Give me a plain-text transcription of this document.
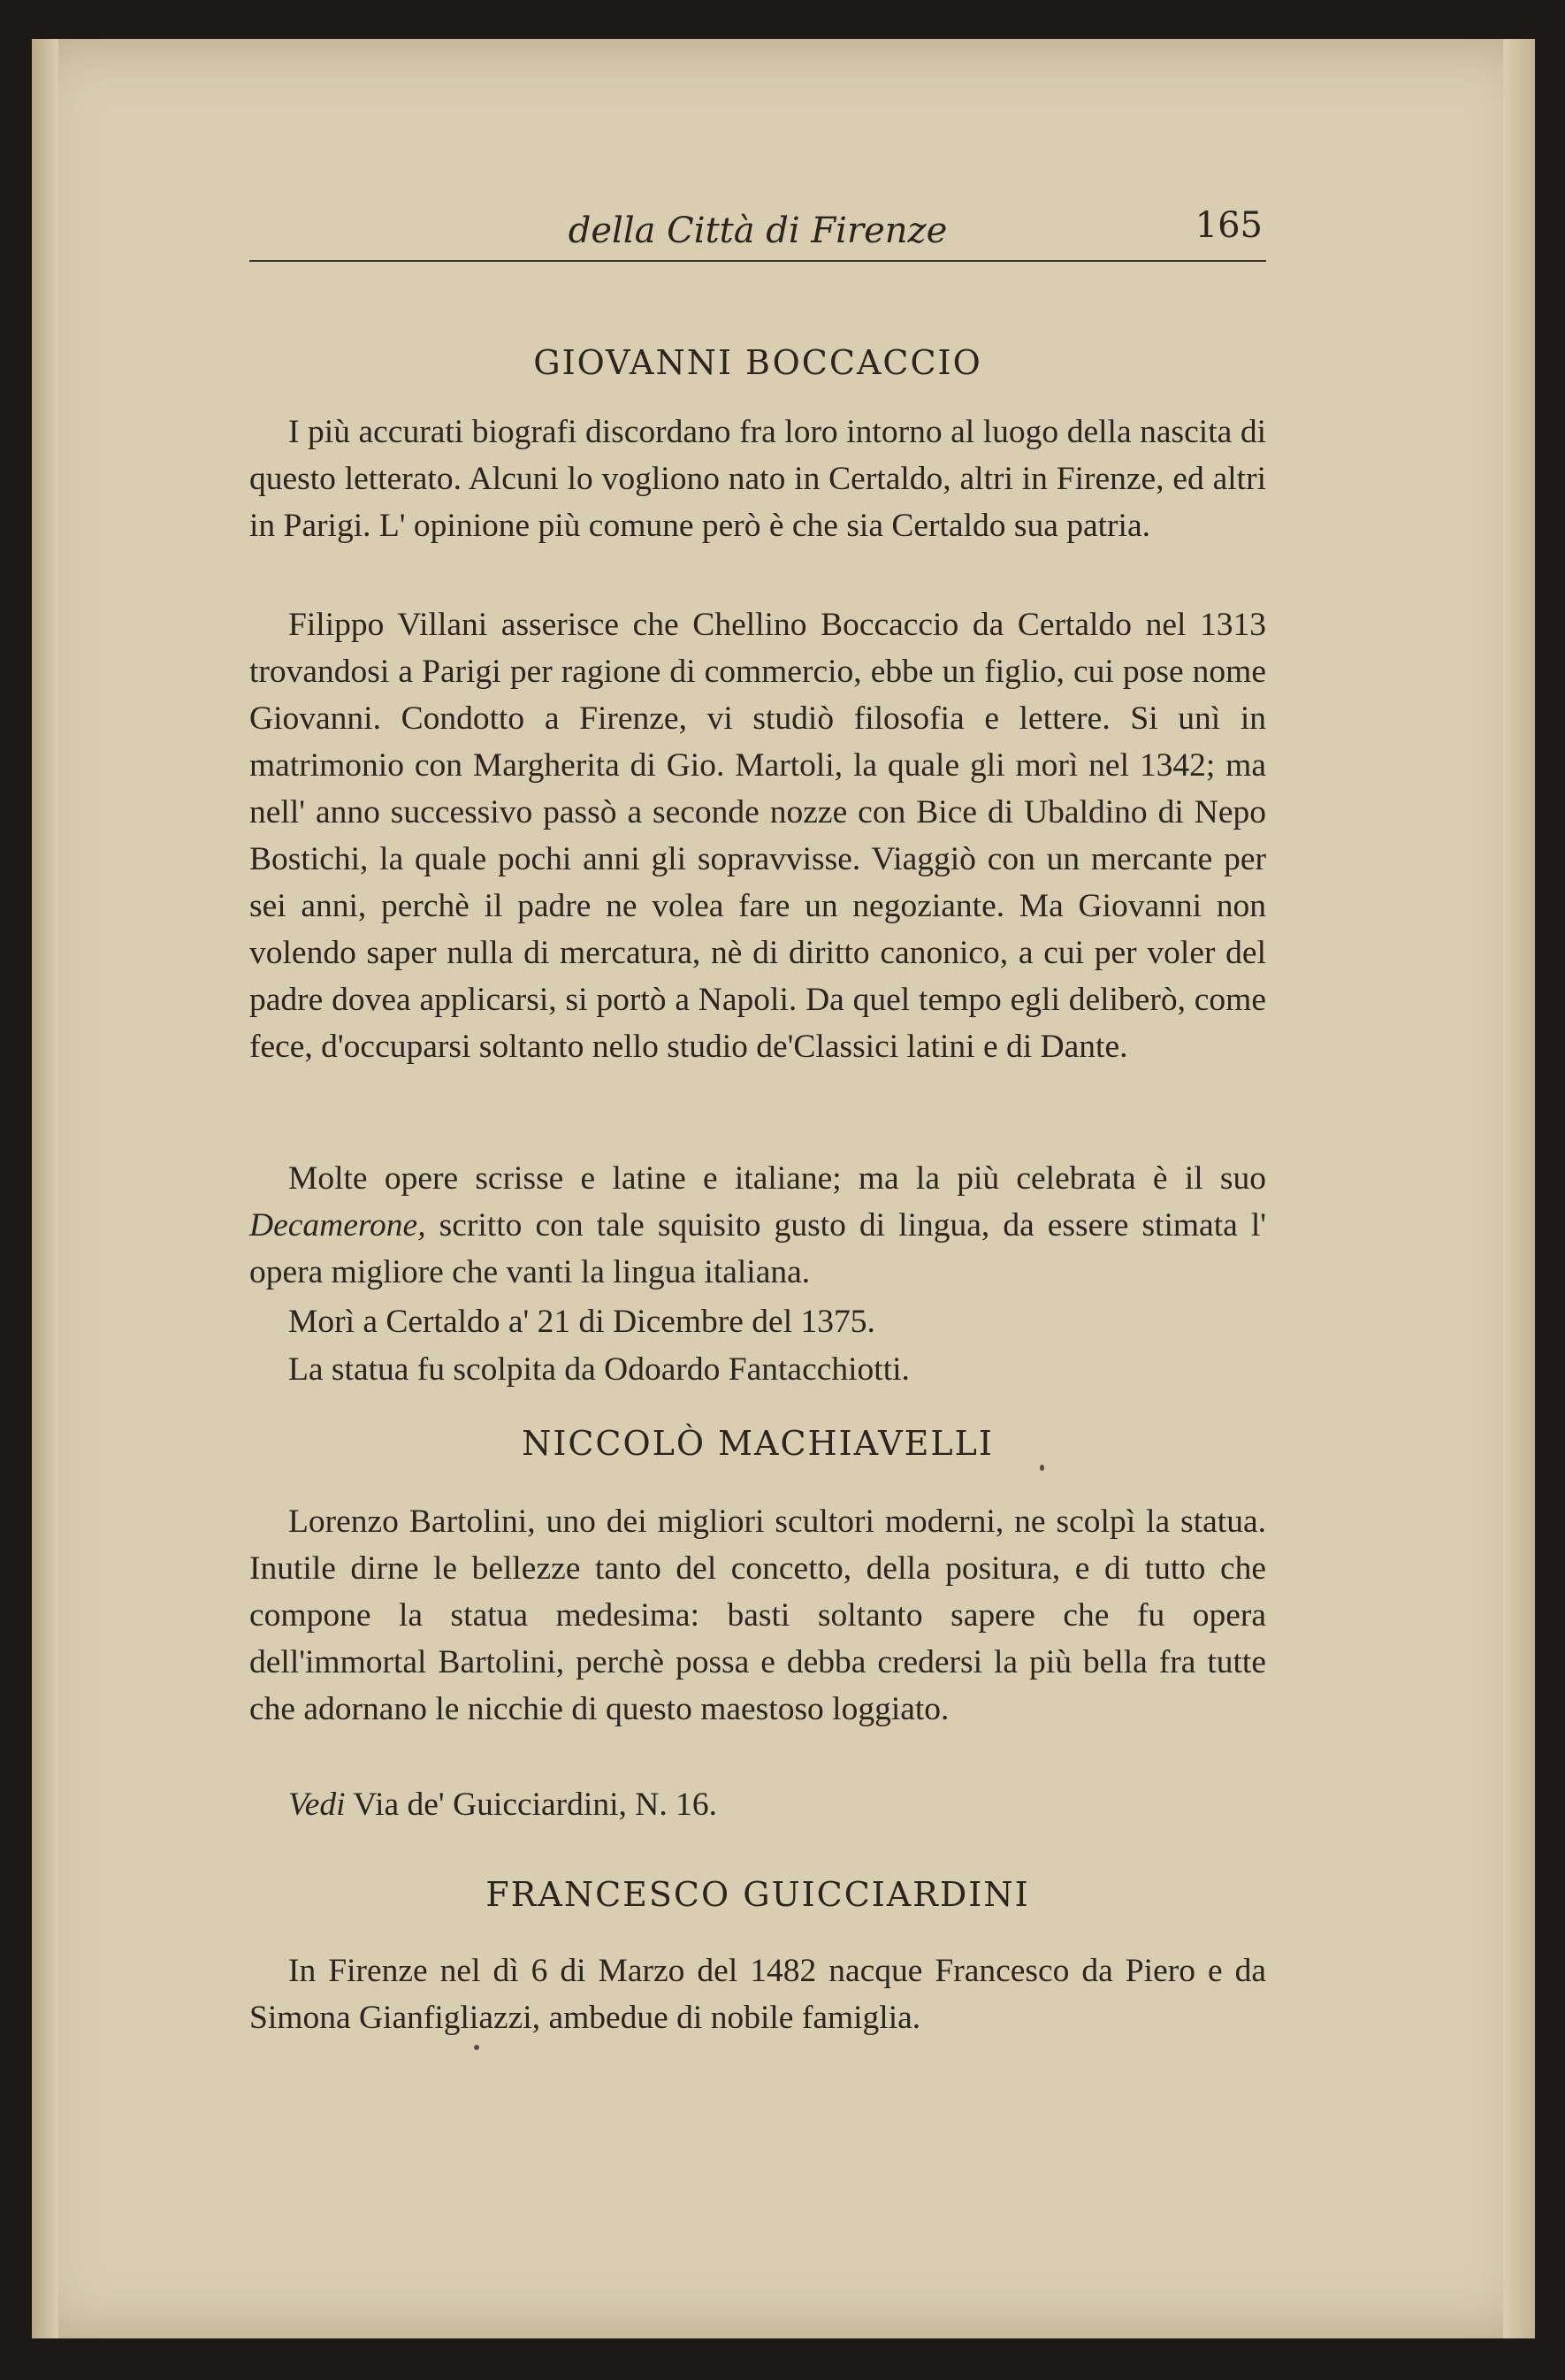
della Città di Firenze	165
GIOVANNI BOCCACCIO

I più accurati biografi discordano fra loro intorno al luogo della nascita di questo letterato. Alcuni lo vogliono nato in Certaldo, altri in Firenze, ed altri in Parigi. L' opinione più comune però è che sia Certaldo sua patria.

Filippo Villani asserisce che Chellino Boccaccio da Certaldo nel 1313 trovandosi a Parigi per ragione di commercio, ebbe un figlio, cui pose nome Giovanni. Condotto a Firenze, vi studiò filosofia e lettere. Si unì in matrimonio con Margherita di Gio. Martoli, la quale gli morì nel 1342; ma nell' anno successivo passò a seconde nozze con Bice di Ubaldino di Nepo Bostichi, la quale pochi anni gli sopravvisse. Viaggiò con un mercante per sei anni, perchè il padre ne volea fare un negoziante. Ma Giovanni non volendo saper nulla di mercatura, nè di diritto canonico, a cui per voler del padre dovea applicarsi, si portò a Napoli. Da quel tempo egli deliberò, come fece, d'occuparsi soltanto nello studio de'Classici latini e di Dante.

Molte opere scrisse e latine e italiane; ma la più celebrata è il suo Decamerone, scritto con tale squisito gusto di lingua, da essere stimata l' opera migliore che vanti la lingua italiana.

Morì a Certaldo a' 21 di Dicembre del 1375.

La statua fu scolpita da Odoardo Fantacchiotti.

NICCOLÒ MACHIAVELLI

Lorenzo Bartolini, uno dei migliori scultori moderni, ne scolpì la statua. Inutile dirne le bellezze tanto del concetto, della positura, e di tutto che compone la statua medesima: basti soltanto sapere che fu opera dell'immortal Bartolini, perchè possa e debba credersi la più bella fra tutte che adornano le nicchie di questo maestoso loggiato.

Vedi Via de' Guicciardini, N. 16.

FRANCESCO GUICCIARDINI

In Firenze nel dì 6 di Marzo del 1482 nacque Francesco da Piero e da Simona Gianfigliazzi, ambedue di nobile famiglia.
